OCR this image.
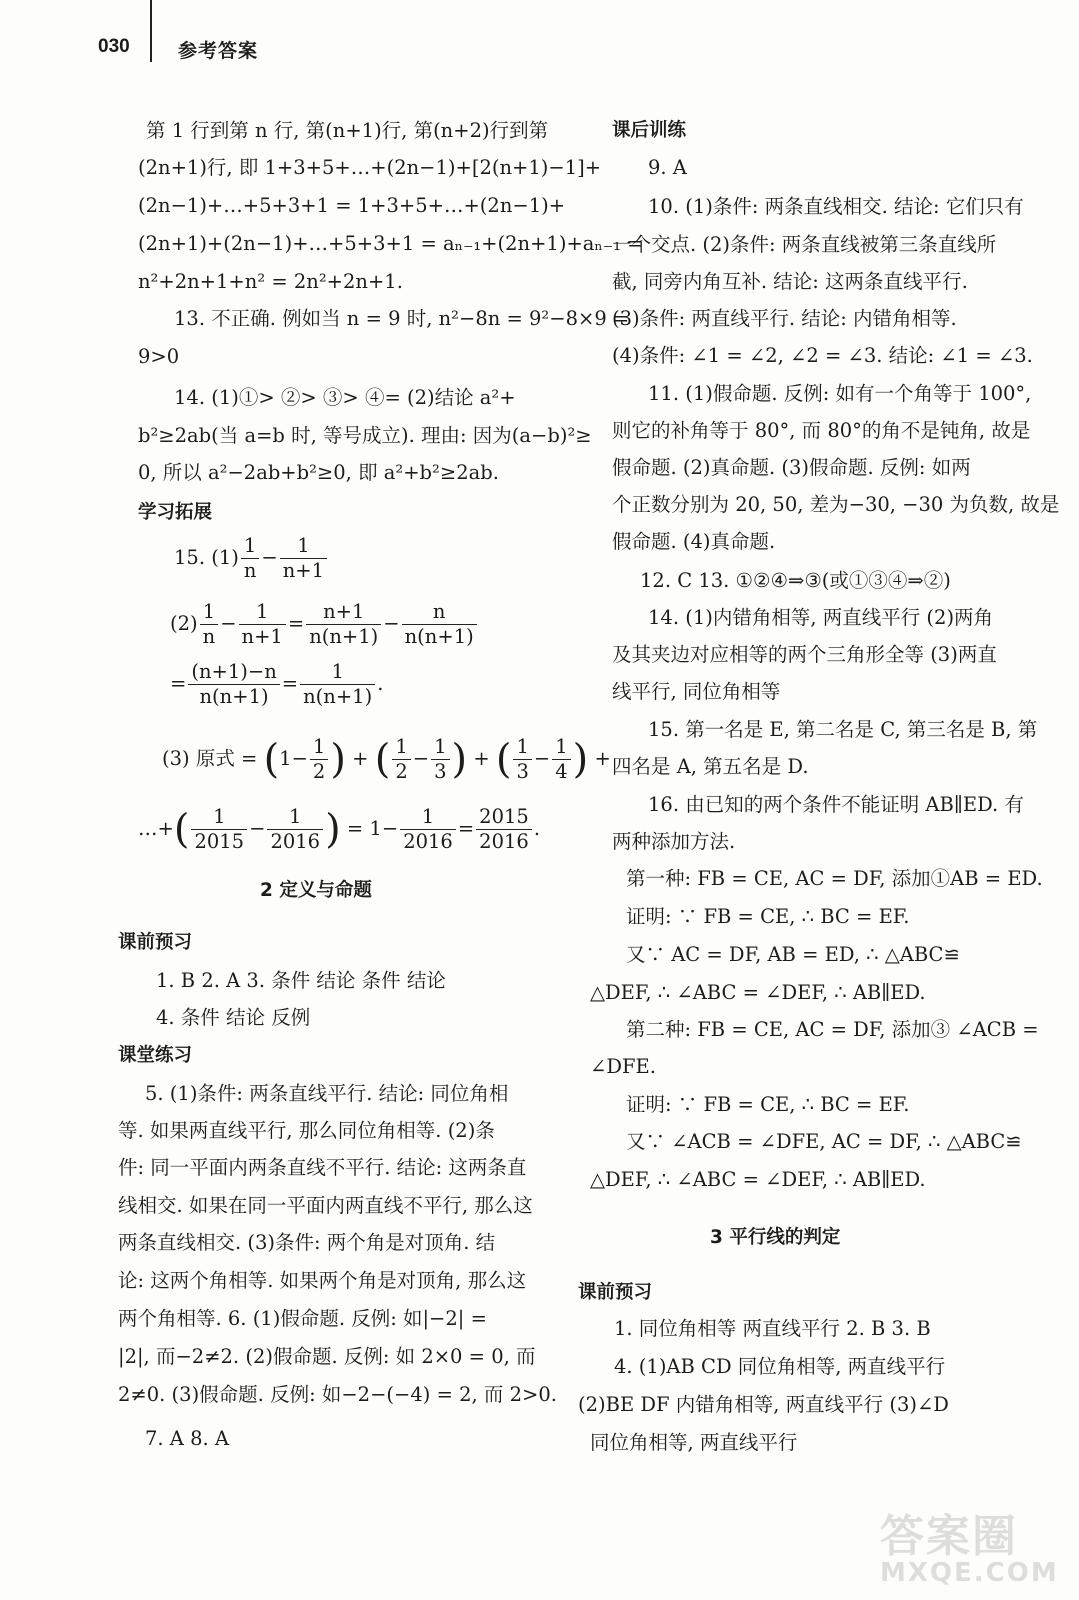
030	参考答案
第 1 行到第 n 行, 第(n+1)行, 第(n+2)行到第
(2n+1)行, 即 1+3+5+…+(2n−1)+[2(n+1)−1]+
(2n−1)+…+5+3+1 = 1+3+5+…+(2n−1)+
(2n+1)+(2n−1)+…+5+3+1 = aₙ₋₁+(2n+1)+aₙ₋₁ =
n²+2n+1+n² = 2n²+2n+1.
13. 不正确. 例如当 n = 9 时, n²−8n = 9²−8×9 =
9>0
14. (1)①> ②> ③> ④= (2)结论 a²+
b²≥2ab(当 a=b 时, 等号成立). 理由: 因为(a−b)²≥
0, 所以 a²−2ab+b²≥0, 即 a²+b²≥2ab.
学习拓展
15. $(1) \frac{1}{n} - \frac{1}{n+1}$
$(2) \frac{1}{n} - \frac{1}{n+1} = \frac{n+1}{n(n+1)} - \frac{n}{n(n+1)}$
= $\frac{(n+1)-n}{n(n+1)} = \frac{1}{n(n+1)}$ .
(3) 原式 = ($1- \frac{1}{2}$ ) + ( $\frac{1}{2} - \frac{1}{3}$ ) + ( $\frac{1}{3} - \frac{1}{4}$ ) +
…+( $\frac{1}{2015} - \frac{1}{2016}$ ) = $1- \frac{1}{2016} = \frac{2015}{2016}$ .
2 定义与命题
课前预习
1. B 2. A 3. 条件 结论 条件 结论
4. 条件 结论 反例
课堂练习
5. (1)条件: 两条直线平行. 结论: 同位角相
等. 如果两直线平行, 那么同位角相等. (2)条
件: 同一平面内两条直线不平行. 结论: 这两条直
线相交. 如果在同一平面内两直线不平行, 那么这
两条直线相交. (3)条件: 两个角是对顶角. 结
论: 这两个角相等. 如果两个角是对顶角, 那么这
两个角相等. 6. (1)假命题. 反例: 如|−2| =
|2|, 而−2≠2. (2)假命题. 反例: 如 2×0 = 0, 而
2≠0. (3)假命题. 反例: 如−2−(−4) = 2, 而 2>0.
7. A 8. A
课后训练
9. A
10. (1)条件: 两条直线相交. 结论: 它们只有
一个交点. (2)条件: 两条直线被第三条直线所
截, 同旁内角互补. 结论: 这两条直线平行.
(3)条件: 两直线平行. 结论: 内错角相等.
(4)条件: ∠1 = ∠2, ∠2 = ∠3. 结论: ∠1 = ∠3.
11. (1)假命题. 反例: 如有一个角等于 100°,
则它的补角等于 80°, 而 80°的角不是钝角, 故是
假命题. (2)真命题. (3)假命题. 反例: 如两
个正数分别为 20, 50, 差为−30, −30 为负数, 故是
假命题. (4)真命题.
12. C 13. ①②④⇒③(或①③④⇒②)
14. (1)内错角相等, 两直线平行 (2)两角
及其夹边对应相等的两个三角形全等 (3)两直
线平行, 同位角相等
15. 第一名是 E, 第二名是 C, 第三名是 B, 第
四名是 A, 第五名是 D.
16. 由已知的两个条件不能证明 AB∥ED. 有
两种添加方法.
第一种: FB = CE, AC = DF, 添加①AB = ED.
证明: ∵ FB = CE, ∴ BC = EF.
又∵ AC = DF, AB = ED, ∴ △ABC≌
△DEF, ∴ ∠ABC = ∠DEF, ∴ AB∥ED.
第二种: FB = CE, AC = DF, 添加③ ∠ACB =
∠DFE.
证明: ∵ FB = CE, ∴ BC = EF.
又∵ ∠ACB = ∠DFE, AC = DF, ∴ △ABC≌
△DEF, ∴ ∠ABC = ∠DEF, ∴ AB∥ED.
3 平行线的判定
课前预习
1. 同位角相等 两直线平行 2. B 3. B
4. (1)AB CD 同位角相等, 两直线平行
(2)BE DF 内错角相等, 两直线平行 (3)∠D
同位角相等, 两直线平行
答案圈
MXQE.COM
